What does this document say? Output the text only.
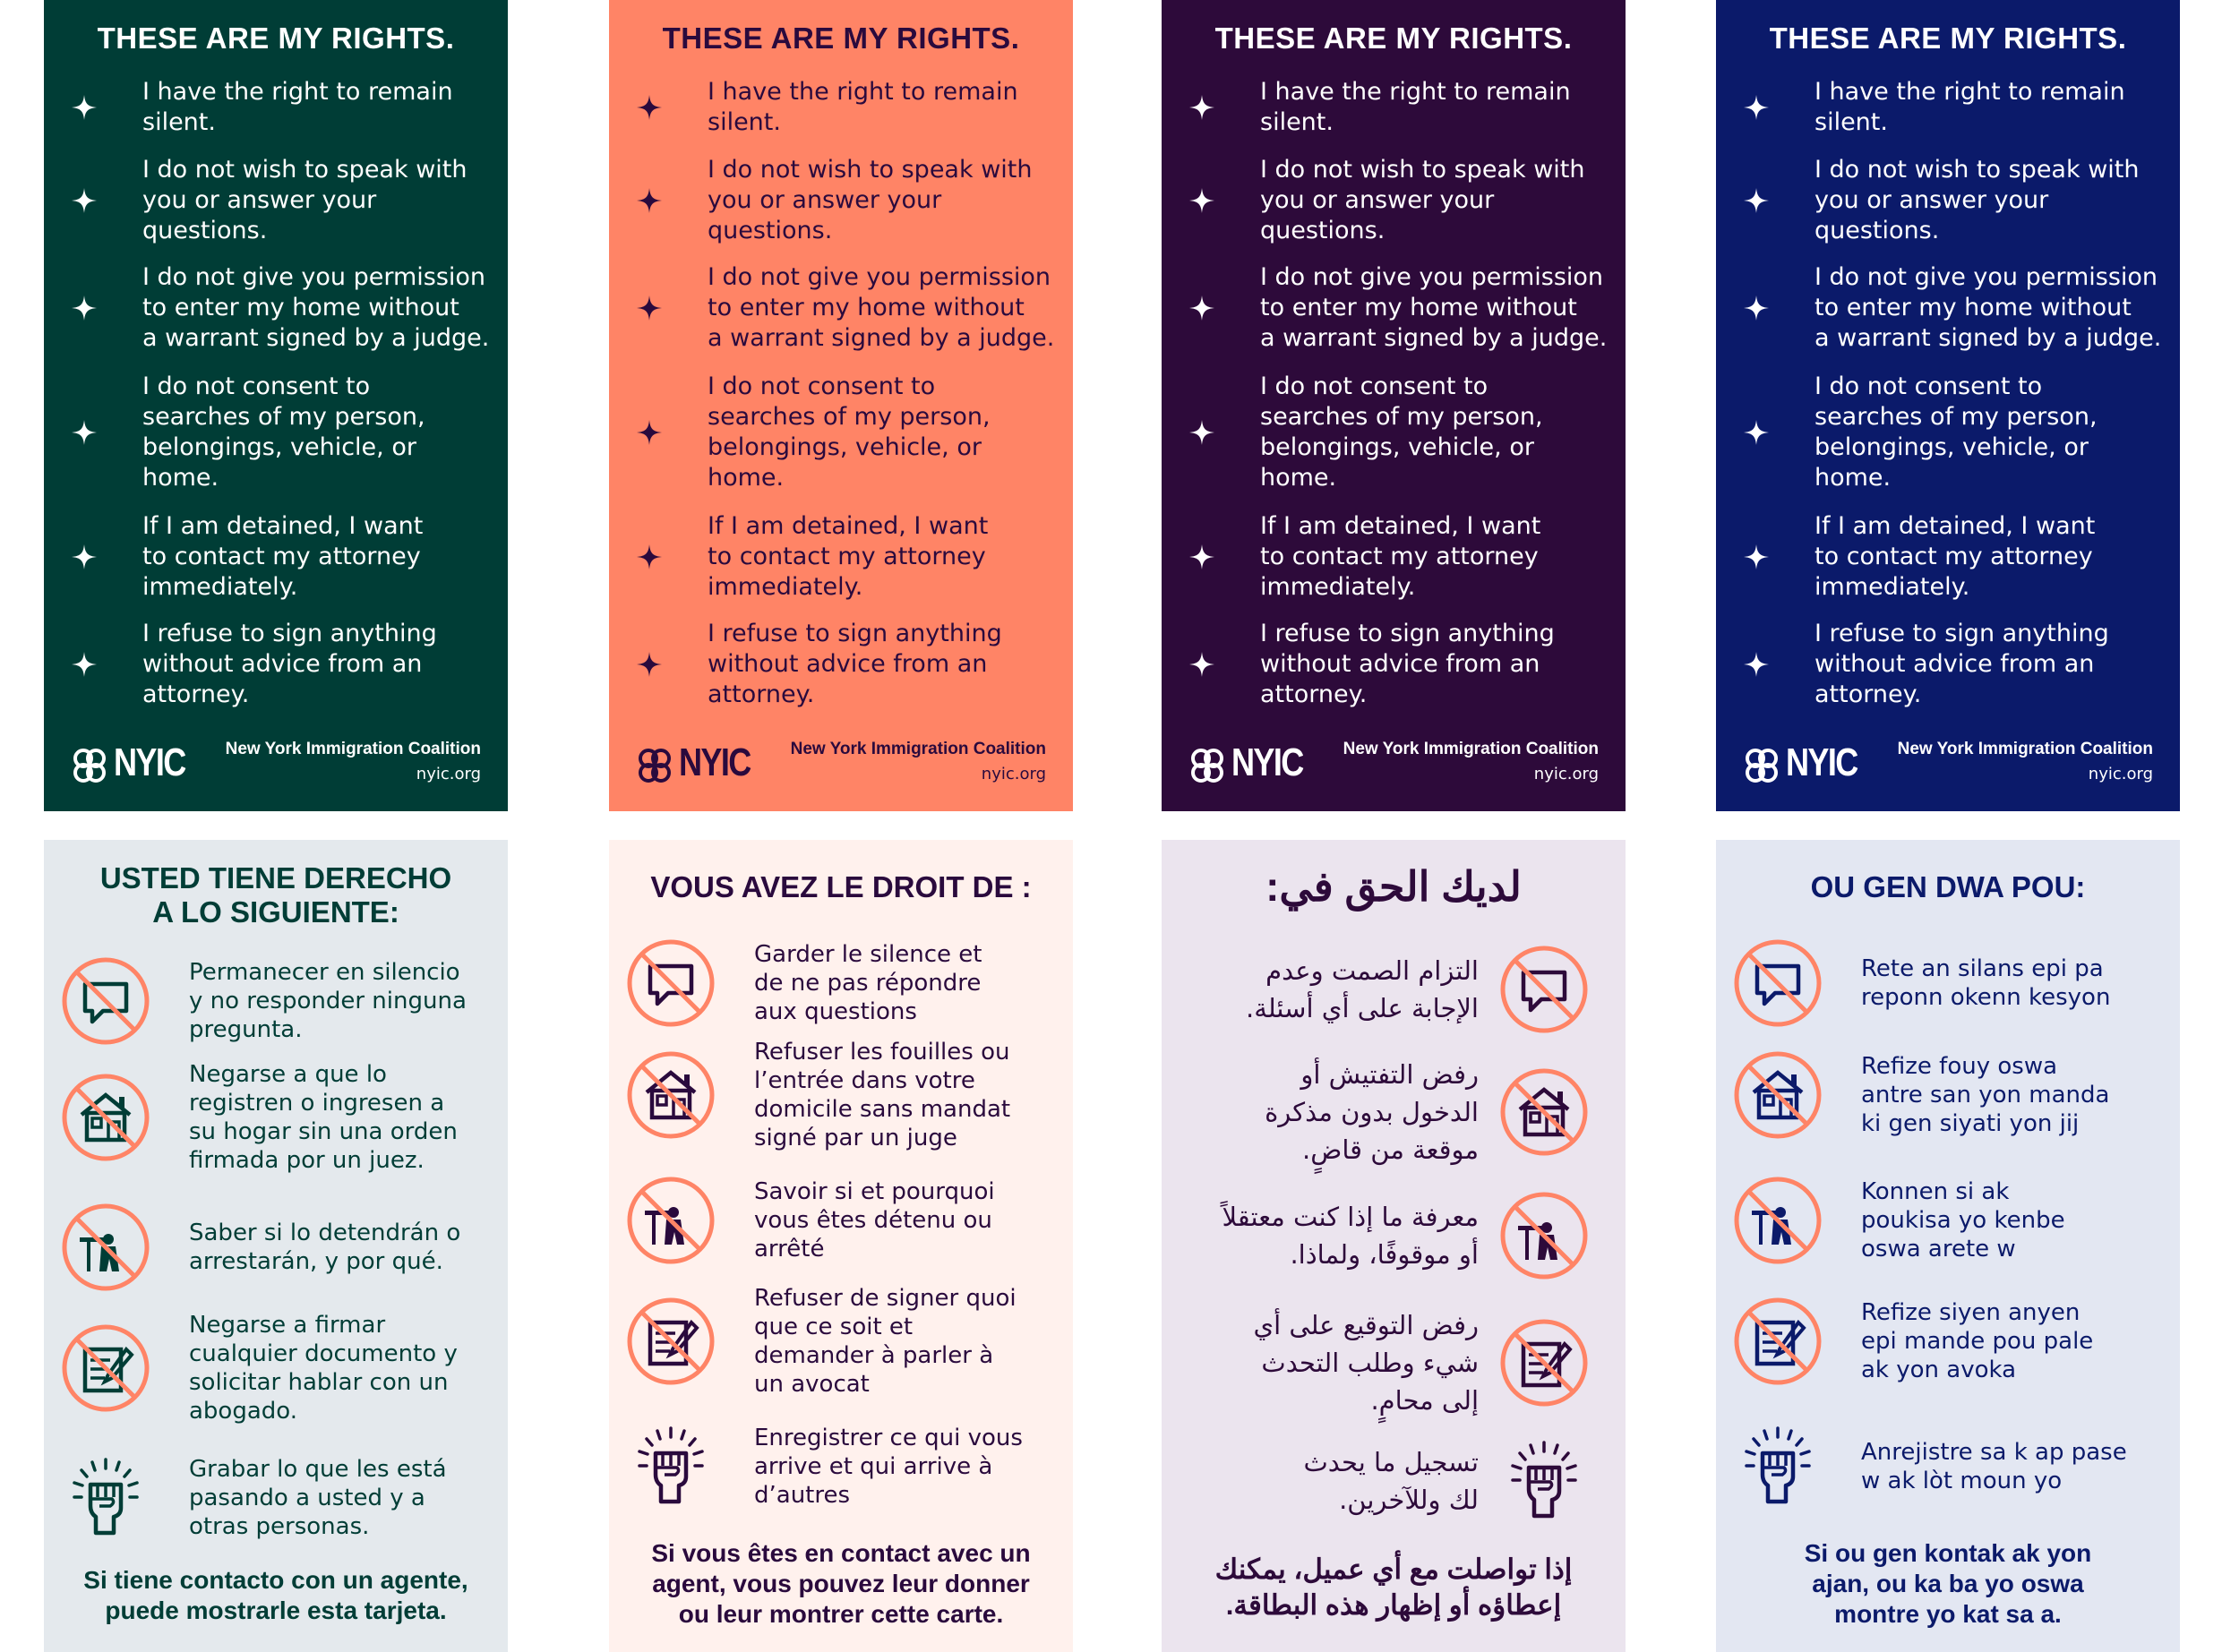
THESE ARE MY RIGHTS.
I have the right to remain
silent.
I do not wish to speak with
you or answer your
questions.
I do not give you permission
to enter my home without
a warrant signed by a judge.
I do not consent to
searches of my person,
belongings, vehicle, or
home.
If I am detained, I want
to contact my attorney
immediately.
I refuse to sign anything
without advice from an
attorney.
NYIC New York Immigration Coalition
nyic.org
THESE ARE MY RIGHTS.
I have the right to remain
silent.
I do not wish to speak with
you or answer your
questions.
I do not give you permission
to enter my home without
a warrant signed by a judge.
I do not consent to
searches of my person,
belongings, vehicle, or
home.
If I am detained, I want
to contact my attorney
immediately.
I refuse to sign anything
without advice from an
attorney.
NYIC New York Immigration Coalition
nyic.org
THESE ARE MY RIGHTS.
I have the right to remain
silent.
I do not wish to speak with
you or answer your
questions.
I do not give you permission
to enter my home without
a warrant signed by a judge.
I do not consent to
searches of my person,
belongings, vehicle, or
home.
If I am detained, I want
to contact my attorney
immediately.
I refuse to sign anything
without advice from an
attorney.
NYIC New York Immigration Coalition
nyic.org
THESE ARE MY RIGHTS.
I have the right to remain
silent.
I do not wish to speak with
you or answer your
questions.
I do not give you permission
to enter my home without
a warrant signed by a judge.
I do not consent to
searches of my person,
belongings, vehicle, or
home.
If I am detained, I want
to contact my attorney
immediately.
I refuse to sign anything
without advice from an
attorney.
NYIC New York Immigration Coalition
nyic.org
USTED TIENE DERECHO
A LO SIGUIENTE:
Permanecer en silencio
y no responder ninguna
pregunta.
Negarse a que lo
registren o ingresen a
su hogar sin una orden
firmada por un juez.
Saber si lo detendrán o
arrestarán, y por qué.
Negarse a firmar
cualquier documento y
solicitar hablar con un
abogado.
Grabar lo que les está
pasando a usted y a
otras personas.
Si tiene contacto con un agente,
puede mostrarle esta tarjeta.
VOUS AVEZ LE DROIT DE :
Garder le silence et
de ne pas répondre
aux questions
Refuser les fouilles ou
l’entrée dans votre
domicile sans mandat
signé par un juge
Savoir si et pourquoi
vous êtes détenu ou
arrêté
Refuser de signer quoi
que ce soit et
demander à parler à
un avocat
Enregistrer ce qui vous
arrive et qui arrive à
d’autres
Si vous êtes en contact avec un
agent, vous pouvez leur donner
ou leur montrer cette carte.
لديك الحق في:
التزام الصمت وعدم
الإجابة على أي أسئلة.
رفض التفتيش أو
الدخول بدون مذكرة
موقعة من قاضٍ.
معرفة ما إذا كنت معتقلاً
أو موقوفًا، ولماذا.
رفض التوقيع على أي
شيء وطلب التحدث
إلى محامٍ.
تسجيل ما يحدث
لك وللآخرين.
إذا تواصلت مع أي عميل، يمكنك
إعطاؤه أو إظهار هذه البطاقة.
OU GEN DWA POU:
Rete an silans epi pa
reponn okenn kesyon
Refize fouy oswa
antre san yon manda
ki gen siyati yon jij
Konnen si ak
poukisa yo kenbe
oswa arete w
Refize siyen anyen
epi mande pou pale
ak yon avoka
Anrejistre sa k ap pase
w ak lòt moun yo
Si ou gen kontak ak yon
ajan, ou ka ba yo oswa
montre yo kat sa a.
